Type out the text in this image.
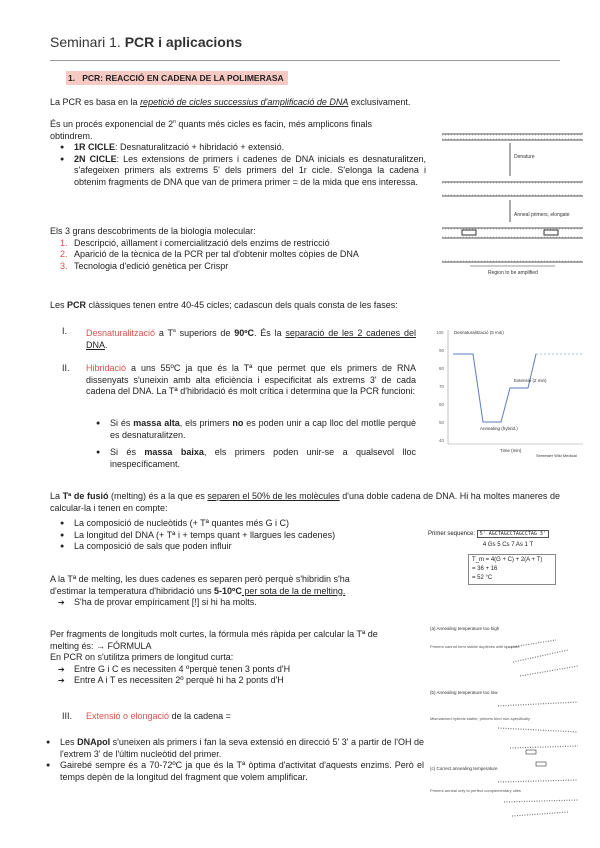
Seminari 1. PCR i aplicacions
1. PCR: REACCIÓ EN CADENA DE LA POLIMERASA
La PCR es basa en la repetició de cicles successius d'amplificació de DNA exclusivament.
És un procés exponencial de 2$^n$ quants més cicles es facin, més amplicons finals
obtindrem.
● 1R CICLE: Desnaturalització + hibridació + extensió.
● 2N CICLE: Les extensions de primers i cadenes de DNA inicials es desnaturalitzen, s'afegeixen primers als extrems 5' dels primers del 1r cicle. S'elonga la cadena i obtenim fragments de DNA que van de primera primer = de la mida que ens interessa.
Els 3 grans descobriments de la biologia molecular:
1. Descripció, aïllament i comercialització dels enzims de restricció
2. Aparició de la tècnica de la PCR per tal d'obtenir moltes còpies de DNA
3. Tecnologia d'edició genètica per Crispr
Les PCR clàssiques tenen entre 40-45 cicles; cadascun dels quals consta de les fases:
I. Desnaturalització a $T^a$ superiors de 90ºC. És la separació de les 2 cadenes del DNA.
II. Hibridació a uns 55ºC ja que és la Tª que permet que els primers de RNA dissenyats s'uneixin amb alta eficiència i especificitat als extrems 3' de cada cadena del DNA. La Tª d'hibridació és molt crítica i determina que la PCR funcioni:
● Si és massa alta, els primers no es poden unir a cap lloc del motlle perquè es desnaturalitzen.
● Si és massa baixa, els primers poden unir-se a qualsevol lloc inespecíficament.
La Tª de fusió (melting) és a la que es separen el 50% de les molècules d'una doble cadena de DNA. Hi ha moltes maneres de calcular-la i tenen en compte:
● La composició de nucleòtids (+ Tª quantes més G i C)
● La longitud del DNA (+ Tª i + temps quant + llargues les cadenes)
● La composició de sals que poden influir
A la Tª de melting, les dues cadenes es separen però perquè s'hibridin s'ha
d'estimar la temperatura d'hibridació uns 5-10ºC per sota de la de melting.
➔ S'ha de provar empíricament [!] si hi ha molts.
Per fragments de longituds molt curtes, la fórmula més ràpida per calcular la Tª de
melting és: → FÓRMULA
En PCR on s'utilitza primers de longitud curta:
➔ Entre G i C es necessiten 4 ºperquè tenen 3 ponts d'H
➔ Entre A i T es necessiten 2º perquè hi ha 2 ponts d'H
III. Extensió o elongació de la cadena =
● Les DNApol s'uneixen als primers i fan la seva extensió en direcció 5' 3' a partir de l'OH de l'extrem 3' de l'últim nucleòtid del primer.
● Gairebé sempre és a 70-72ºC ja que és la Tª òptima d'activitat d'aquests enzims. Però el temps depèn de la longitud del fragment que volem amplificar.
Denature
Anneal primers, elongate
Region to be amplified
100
90
80
70
60
50
40
Desnaturalització (5 min)
Annealing (hybrid.)
Extensió (2 min)
Time (min)
Semester Wiki Medical
Primer sequence: 5' AGCTAGCCTAGCCTAG 3'
4 Gs 5 Cs 7 As 1 T
T_m = 4(G + C) + 2(A + T)
= 36 + 16
= 52 °C
(a) Annealing temperature too high
(b) Annealing temperature too low
(c) Correct annealing temperature
Primers cannot form stable duplexes with template
Mismatched hybrids stable; primers bind non-specifically
Primers anneal only to perfect complementary sites
